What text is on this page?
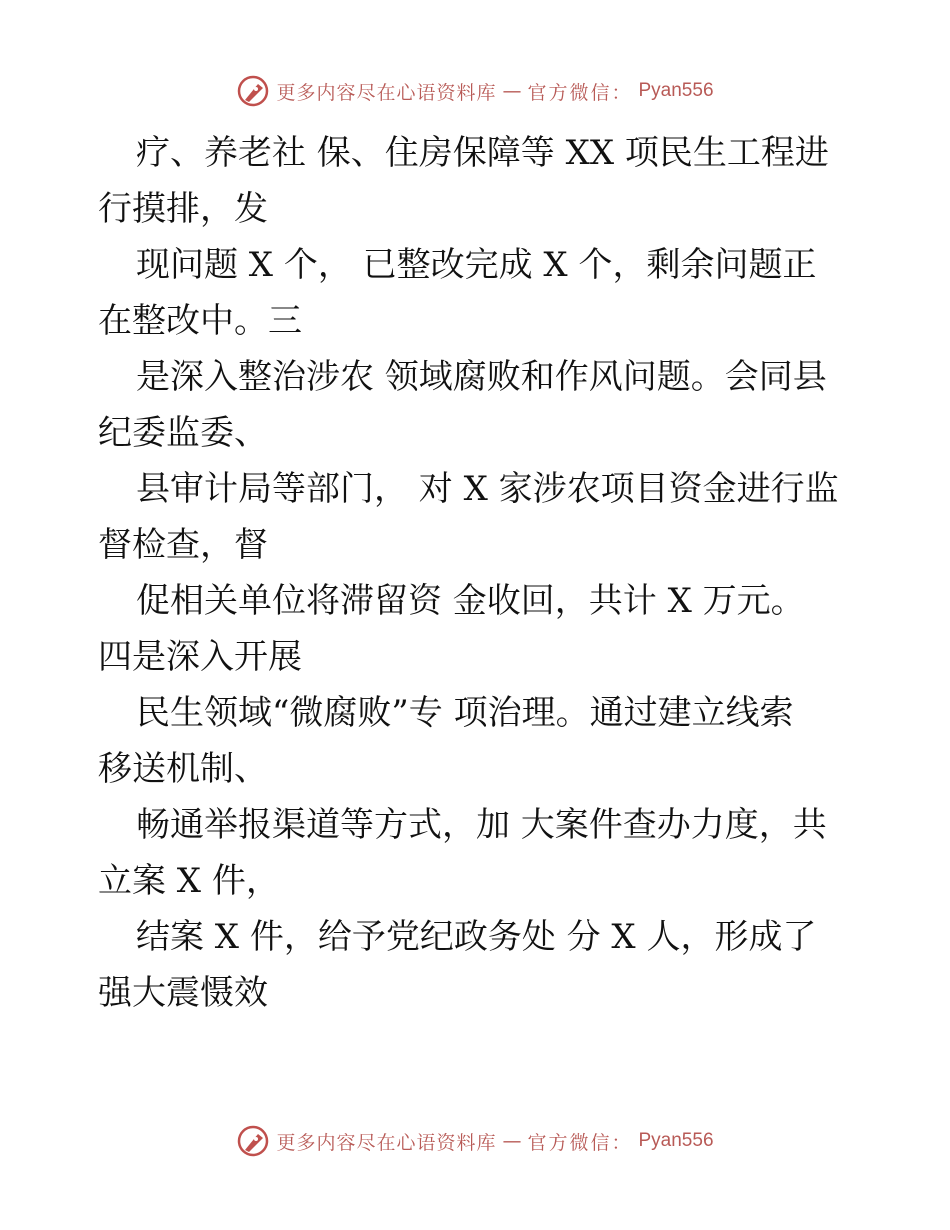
更多内容尽在心语资料库 — 官方微信： Pyan556
疗、养老社 保、住房保障等 XX 项民生工程进
行摸排，发
现问题 X 个， 已整改完成 X 个，剩余问题正
在整改中。三
是深入整治涉农 领域腐败和作风问题。会同县
纪委监委、
县审计局等部门， 对 X 家涉农项目资金进行监
督检查，督
促相关单位将滞留资 金收回，共计 X 万元。
四是深入开展
民生领域“微腐败”专 项治理。通过建立线索
移送机制、
畅通举报渠道等方式，加 大案件查办力度，共
立案 X 件，
结案 X 件，给予党纪政务处 分 X 人，形成了
强大震慑效
更多内容尽在心语资料库 — 官方微信： Pyan556
